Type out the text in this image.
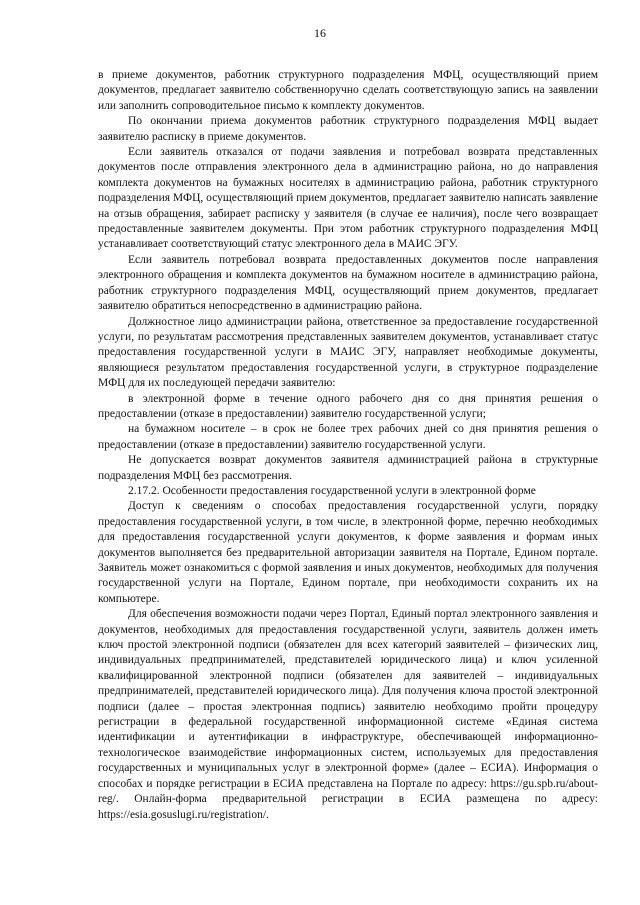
16

в приеме документов, работник структурного подразделения МФЦ, осуществляющий прием документов, предлагает заявителю собственноручно сделать соответствующую запись на заявлении или заполнить сопроводительное письмо к комплекту документов.

По окончании приема документов работник структурного подразделения МФЦ выдает заявителю расписку в приеме документов.

Если заявитель отказался от подачи заявления и потребовал возврата представленных документов после отправления электронного дела в администрацию района, но до направления комплекта документов на бумажных носителях в администрацию района, работник структурного подразделения МФЦ, осуществляющий прием документов, предлагает заявителю написать заявление на отзыв обращения, забирает расписку у заявителя (в случае ее наличия), после чего возвращает предоставленные заявителем документы. При этом работник структурного подразделения МФЦ устанавливает соответствующий статус электронного дела в МАИС ЭГУ.

Если заявитель потребовал возврата предоставленных документов после направления электронного обращения и комплекта документов на бумажном носителе в администрацию района, работник структурного подразделения МФЦ, осуществляющий прием документов, предлагает заявителю обратиться непосредственно в администрацию района.

Должностное лицо администрации района, ответственное за предоставление государственной услуги, по результатам рассмотрения представленных заявителем документов, устанавливает статус предоставления государственной услуги в МАИС ЭГУ, направляет необходимые документы, являющиеся результатом предоставления государственной услуги, в структурное подразделение МФЦ для их последующей передачи заявителю:

в электронной форме в течение одного рабочего дня со дня принятия решения о предоставлении (отказе в предоставлении) заявителю государственной услуги;

на бумажном носителе – в срок не более трех рабочих дней со дня принятия решения о предоставлении (отказе в предоставлении) заявителю государственной услуги.

Не допускается возврат документов заявителя администрацией района в структурные подразделения МФЦ без рассмотрения.

2.17.2. Особенности предоставления государственной услуги в электронной форме

Доступ к сведениям о способах предоставления государственной услуги, порядку предоставления государственной услуги, в том числе, в электронной форме, перечню необходимых для предоставления государственной услуги документов, к форме заявления и формам иных документов выполняется без предварительной авторизации заявителя на Портале, Едином портале. Заявитель может ознакомиться с формой заявления и иных документов, необходимых для получения государственной услуги на Портале, Едином портале, при необходимости сохранить их на компьютере.

Для обеспечения возможности подачи через Портал, Единый портал электронного заявления и документов, необходимых для предоставления государственной услуги, заявитель должен иметь ключ простой электронной подписи (обязателен для всех категорий заявителей – физических лиц, индивидуальных предпринимателей, представителей юридического лица) и ключ усиленной квалифицированной электронной подписи (обязателен для заявителей – индивидуальных предпринимателей, представителей юридического лица). Для получения ключа простой электронной подписи (далее – простая электронная подпись) заявителю необходимо пройти процедуру регистрации в федеральной государственной информационной системе «Единая система идентификации и аутентификации в инфраструктуре, обеспечивающей информационно-технологическое взаимодействие информационных систем, используемых для предоставления государственных и муниципальных услуг в электронной форме» (далее – ЕСИА). Информация о способах и порядке регистрации в ЕСИА представлена на Портале по адресу: https://gu.spb.ru/about-reg/. Онлайн-форма предварительной регистрации в ЕСИА размещена по адресу: https://esia.gosuslugi.ru/registration/.
